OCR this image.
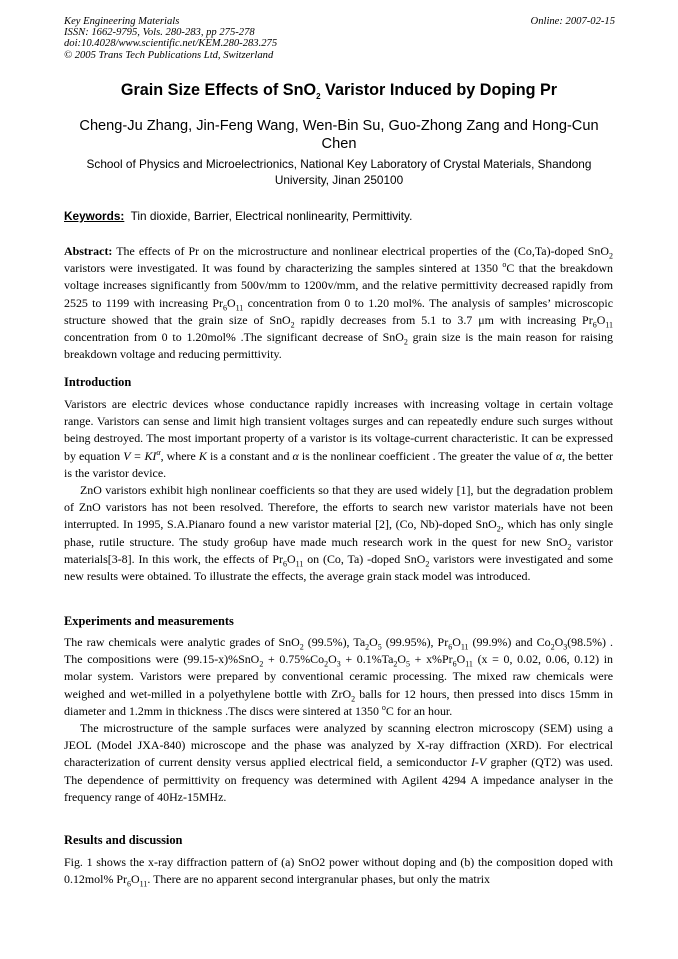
Key Engineering Materials
ISSN: 1662-9795, Vols. 280-283, pp 275-278
doi:10.4028/www.scientific.net/KEM.280-283.275
© 2005 Trans Tech Publications Ltd, Switzerland
Online: 2007-02-15
Grain Size Effects of SnO$_2$ Varistor Induced by Doping Pr
Cheng-Ju Zhang, Jin-Feng Wang, Wen-Bin Su, Guo-Zhong Zang and Hong-Cun Chen
School of Physics and Microelectrionics, National Key Laboratory of Crystal Materials, Shandong University, Jinan 250100
Keywords: Tin dioxide, Barrier, Electrical nonlinearity, Permittivity.

Abstract: The effects of Pr on the microstructure and nonlinear electrical properties of the (Co,Ta)-doped SnO$_2$ varistors were investigated. It was found by characterizing the samples sintered at 1350 $^o$C that the breakdown voltage increases significantly from 500v/mm to 1200v/mm, and the relative permittivity decreased rapidly from 2525 to 1199 with increasing $Pr_6O_{11}$ concentration from 0 to 1.20 mol%. The analysis of samples’ microscopic structure showed that the grain size of SnO$_2$ rapidly decreases from 5.1 to 3.7 μm with increasing $Pr_6O_{11}$ concentration from 0 to 1.20mol% .The significant decrease of SnO$_2$ grain size is the main reason for raising breakdown voltage and reducing permittivity.

Introduction

Varistors are electric devices whose conductance rapidly increases with increasing voltage in certain voltage range. Varistors can sense and limit high transient voltages surges and can repeatedly endure such surges without being destroyed. The most important property of a varistor is its voltage-current characteristic. It can be expressed by equation $V = KI^\alpha$, where K is a constant and α is the nonlinear coefficient . The greater the value of α, the better is the varistor device.

ZnO varistors exhibit high nonlinear coefficients so that they are used widely [1], but the degradation problem of ZnO varistors has not been resolved. Therefore, the efforts to search new varistor materials have not been interrupted. In 1995, S.A.Pianaro found a new varistor material [2], (Co, Nb)-doped SnO$_2$, which has only single phase, rutile structure. The study gro6up have made much research work in the quest for new SnO$_2$ varistor materials[3-8]. In this work, the effects of $Pr_6O_{11}$ on (Co, Ta) -doped SnO$_2$ varistors were investigated and some new results were obtained. To illustrate the effects, the average grain stack model was introduced.

Experiments and measurements

The raw chemicals were analytic grades of SnO$_2$ (99.5%), $Ta_2O_5$ (99.95%), $Pr_6O_{11}$ (99.9%) and $Co_2O_3(98.5\%)$ . The compositions were $(99.15-x)\%SnO_2 + 0.75\%Co_2O_3 + 0.1\%Ta_2O_5 + x\%Pr_6O_{11}$ (x = 0, 0.02, 0.06, 0.12) in molar system. Varistors were prepared by conventional ceramic processing. The mixed raw chemicals were weighed and wet-milled in a polyethylene bottle with ZrO$_2$ balls for 12 hours, then pressed into discs 15mm in diameter and 1.2mm in thickness .The discs were sintered at 1350 $^o$C for an hour.

The microstructure of the sample surfaces were analyzed by scanning electron microscopy (SEM) using a JEOL (Model JXA-840) microscope and the phase was analyzed by X-ray diffraction (XRD). For electrical characterization of current density versus applied electrical field, a semiconductor I-V grapher (QT2) was used. The dependence of permittivity on frequency was determined with Agilent 4294 A impedance analyser in the frequency range of 40Hz-15MHz.

Results and discussion

Fig. 1 shows the x-ray diffraction pattern of (a) SnO2 power without doping and (b) the composition doped with 0.12mol% $Pr_6O_{11}$. There are no apparent second intergranular phases, but only the matrix
